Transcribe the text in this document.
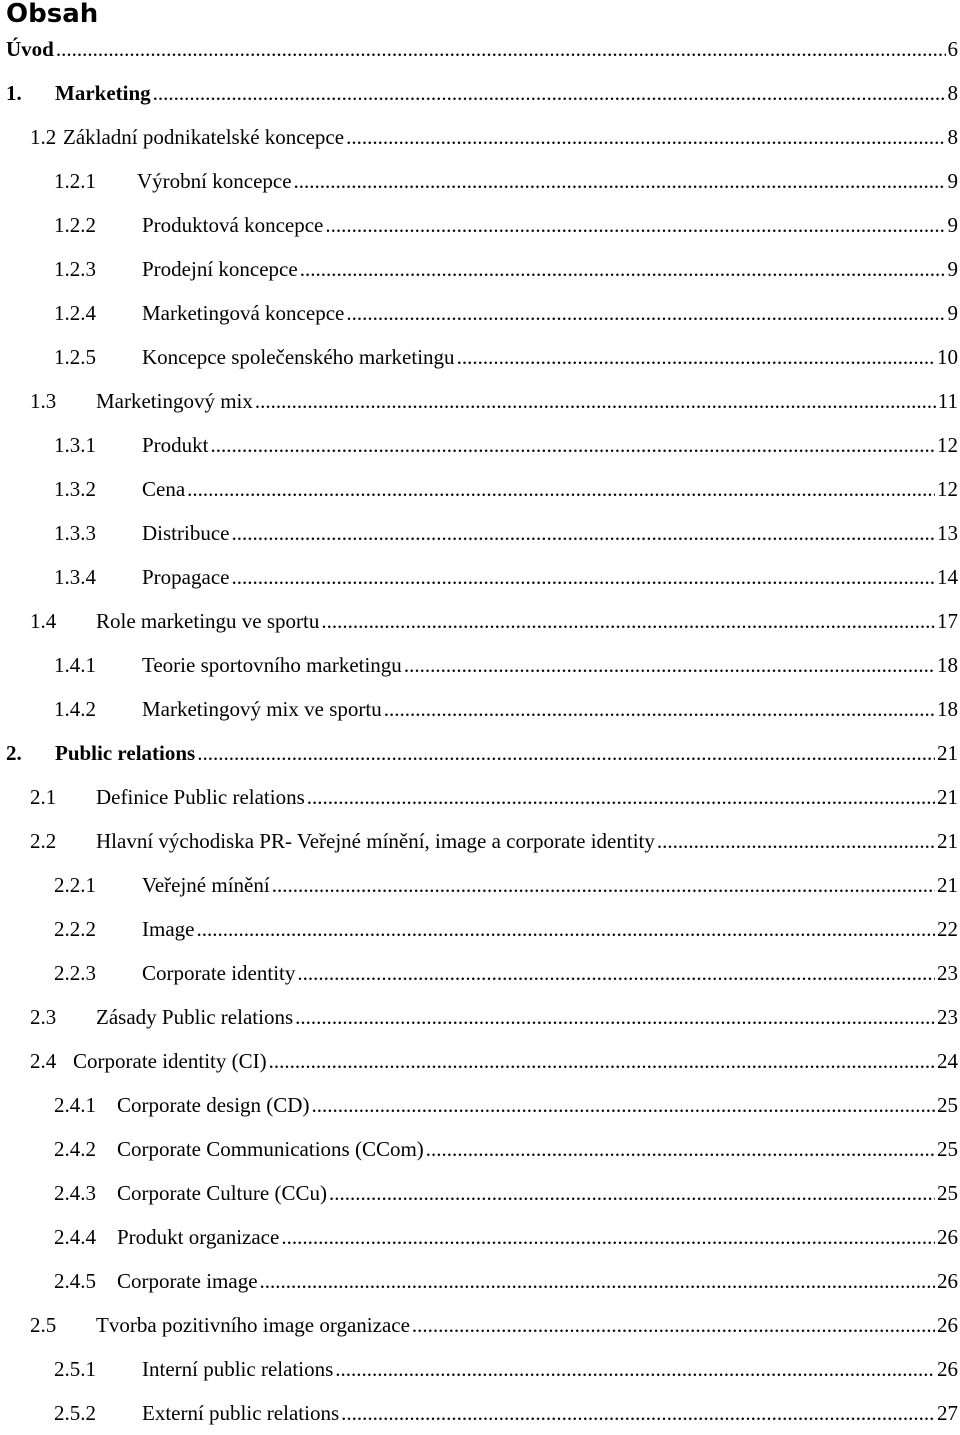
Obsah
Úvod .....	6
1.	Marketing .....	8
1.2 Základní podnikatelské koncepce .....	8
1.2.1	Výrobní koncepce .....	9
1.2.2	Produktová koncepce .....	9
1.2.3	Prodejní koncepce .....	9
1.2.4	Marketingová koncepce .....	9
1.2.5	Koncepce společenského marketingu .....	10
1.3	Marketingový mix .....	11
1.3.1	Produkt .....	12
1.3.2	Cena .....	12
1.3.3	Distribuce .....	13
1.3.4	Propagace .....	14
1.4	Role marketingu ve sportu .....	17
1.4.1	Teorie sportovního marketingu .....	18
1.4.2	Marketingový mix ve sportu .....	18
2.	Public relations .....	21
2.1	Definice Public relations .....	21
2.2	Hlavní východiska PR- Veřejné mínění, image a corporate identity .....	21
2.2.1	Veřejné mínění .....	21
2.2.2	Image .....	22
2.2.3	Corporate identity .....	23
2.3	Zásady Public relations .....	23
2.4 Corporate identity (CI) .....	24
2.4.1	Corporate design (CD) .....	25
2.4.2	Corporate Communications (CCom) .....	25
2.4.3	Corporate Culture (CCu) .....	25
2.4.4	Produkt organizace .....	26
2.4.5	Corporate image .....	26
2.5	Tvorba pozitivního image organizace .....	26
2.5.1	Interní public relations .....	26
2.5.2	Externí public relations .....	27
